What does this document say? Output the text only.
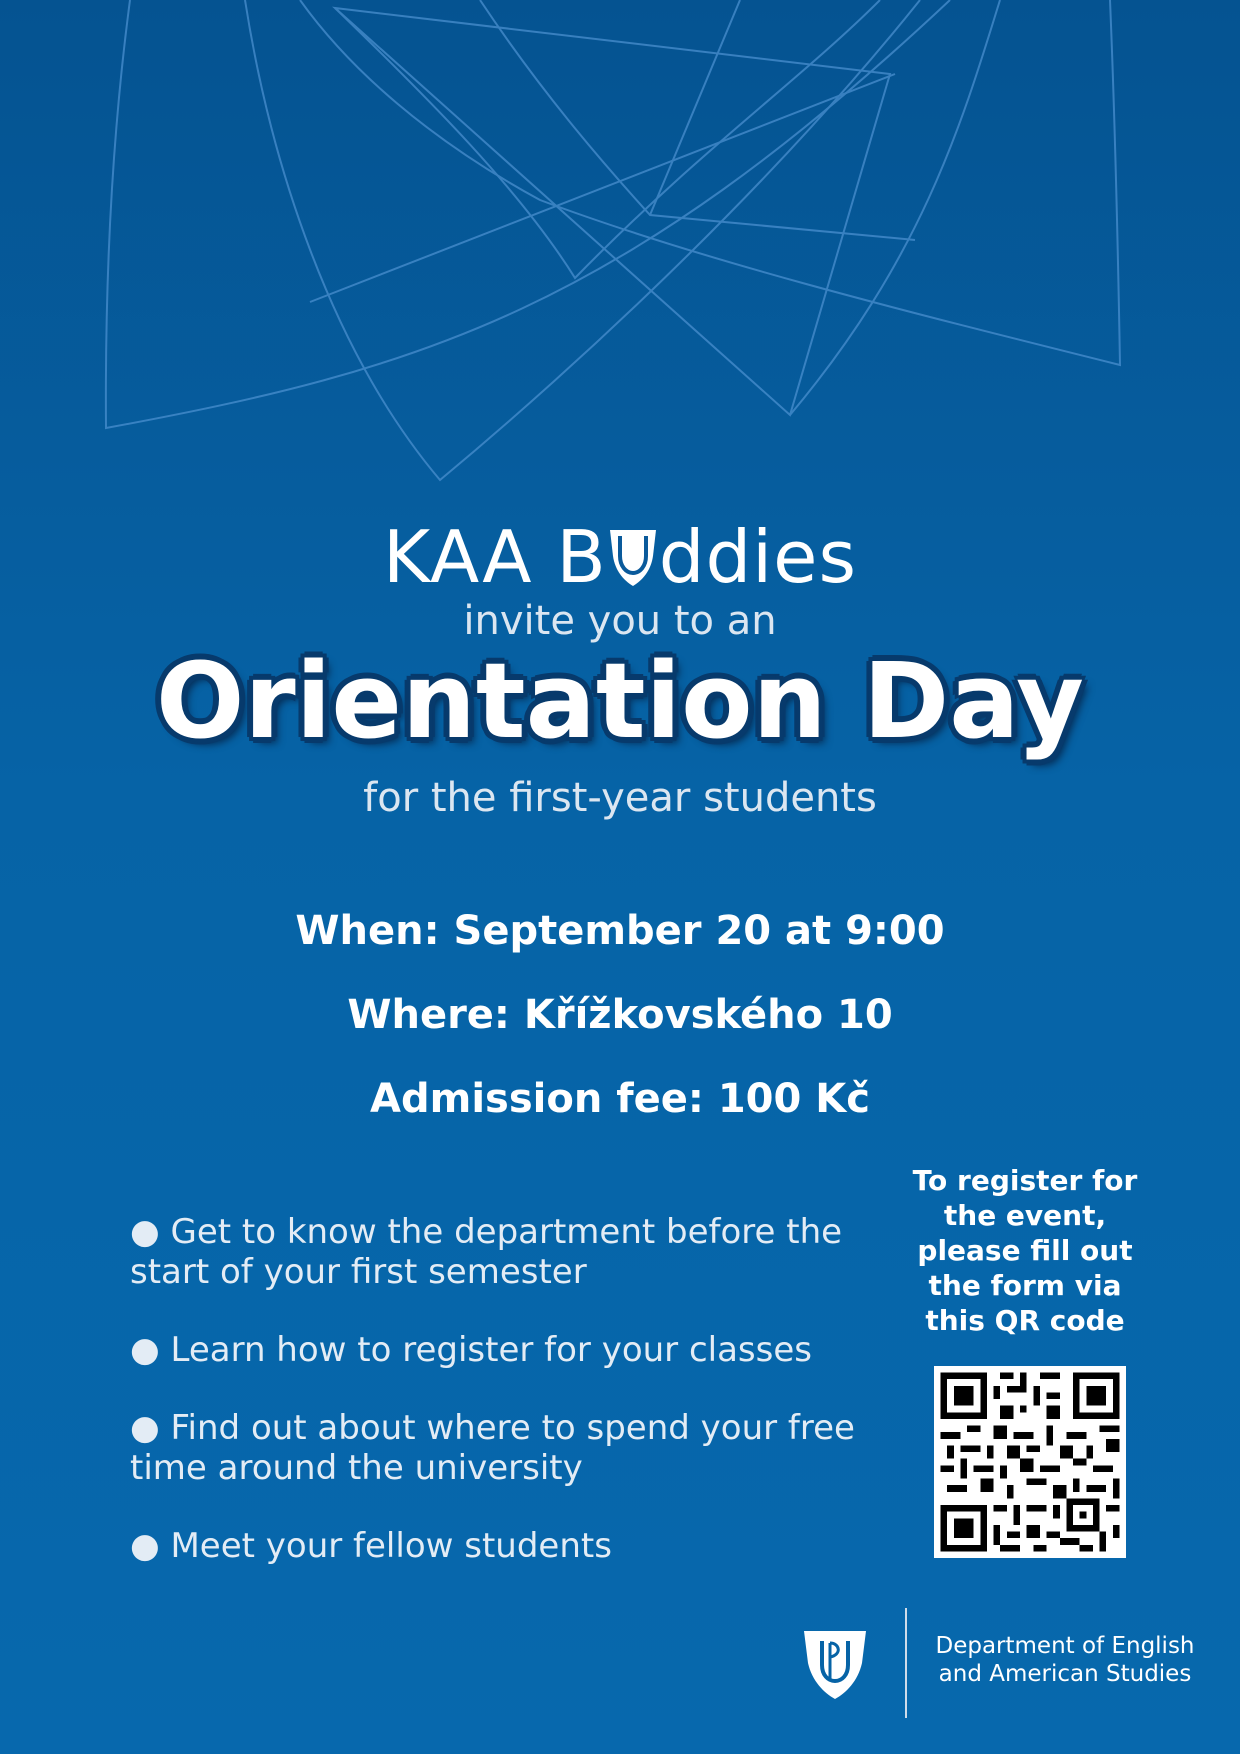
KAA B ddies
invite you to an
Orientation Day
for the first-year students
When: September 20 at 9:00
Where: Křížkovského 10
Admission fee: 100 Kč
● Get to know the department before the start of your first semester
● Learn how to register for your classes
● Find out about where to spend your free time around the university
● Meet your fellow students
To register for
the event,
please fill out
the form via
this QR code
Department of English
and American Studies
